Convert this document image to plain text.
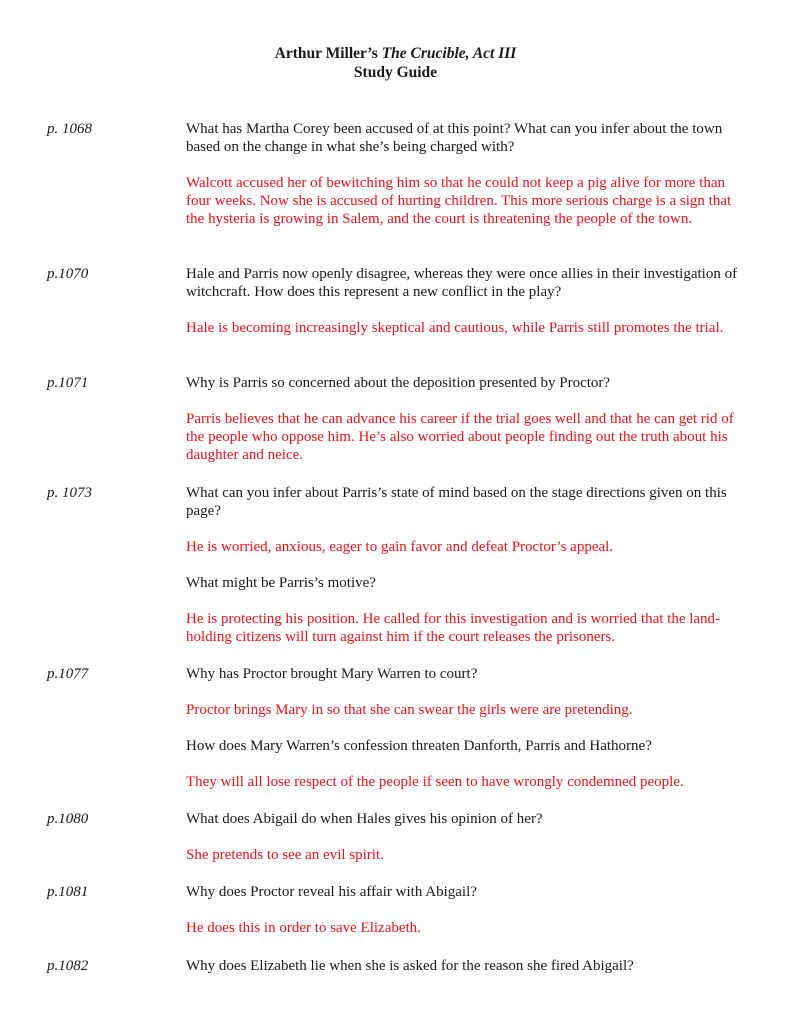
Arthur Miller’s The Crucible, Act III
Study Guide
p. 1068	What has Martha Corey been accused of at this point? What can you infer about the town based on the change in what she’s being charged with?

Walcott accused her of bewitching him so that he could not keep a pig alive for more than four weeks. Now she is accused of hurting children. This more serious charge is a sign that the hysteria is growing in Salem, and the court is threatening the people of the town.

p.1070	Hale and Parris now openly disagree, whereas they were once allies in their investigation of witchcraft. How does this represent a new conflict in the play?

Hale is becoming increasingly skeptical and cautious, while Parris still promotes the trial.

p.1071	Why is Parris so concerned about the deposition presented by Proctor?

Parris believes that he can advance his career if the trial goes well and that he can get rid of the people who oppose him. He’s also worried about people finding out the truth about his daughter and neice.

p. 1073	What can you infer about Parris’s state of mind based on the stage directions given on this page?

He is worried, anxious, eager to gain favor and defeat Proctor’s appeal.

What might be Parris’s motive?

He is protecting his position. He called for this investigation and is worried that the land-holding citizens will turn against him if the court releases the prisoners.

p.1077	Why has Proctor brought Mary Warren to court?

Proctor brings Mary in so that she can swear the girls were are pretending.

How does Mary Warren’s confession threaten Danforth, Parris and Hathorne?

They will all lose respect of the people if seen to have wrongly condemned people.

p.1080	What does Abigail do when Hales gives his opinion of her?

She pretends to see an evil spirit.

p.1081	Why does Proctor reveal his affair with Abigail?

He does this in order to save Elizabeth.

p.1082	Why does Elizabeth lie when she is asked for the reason she fired Abigail?
